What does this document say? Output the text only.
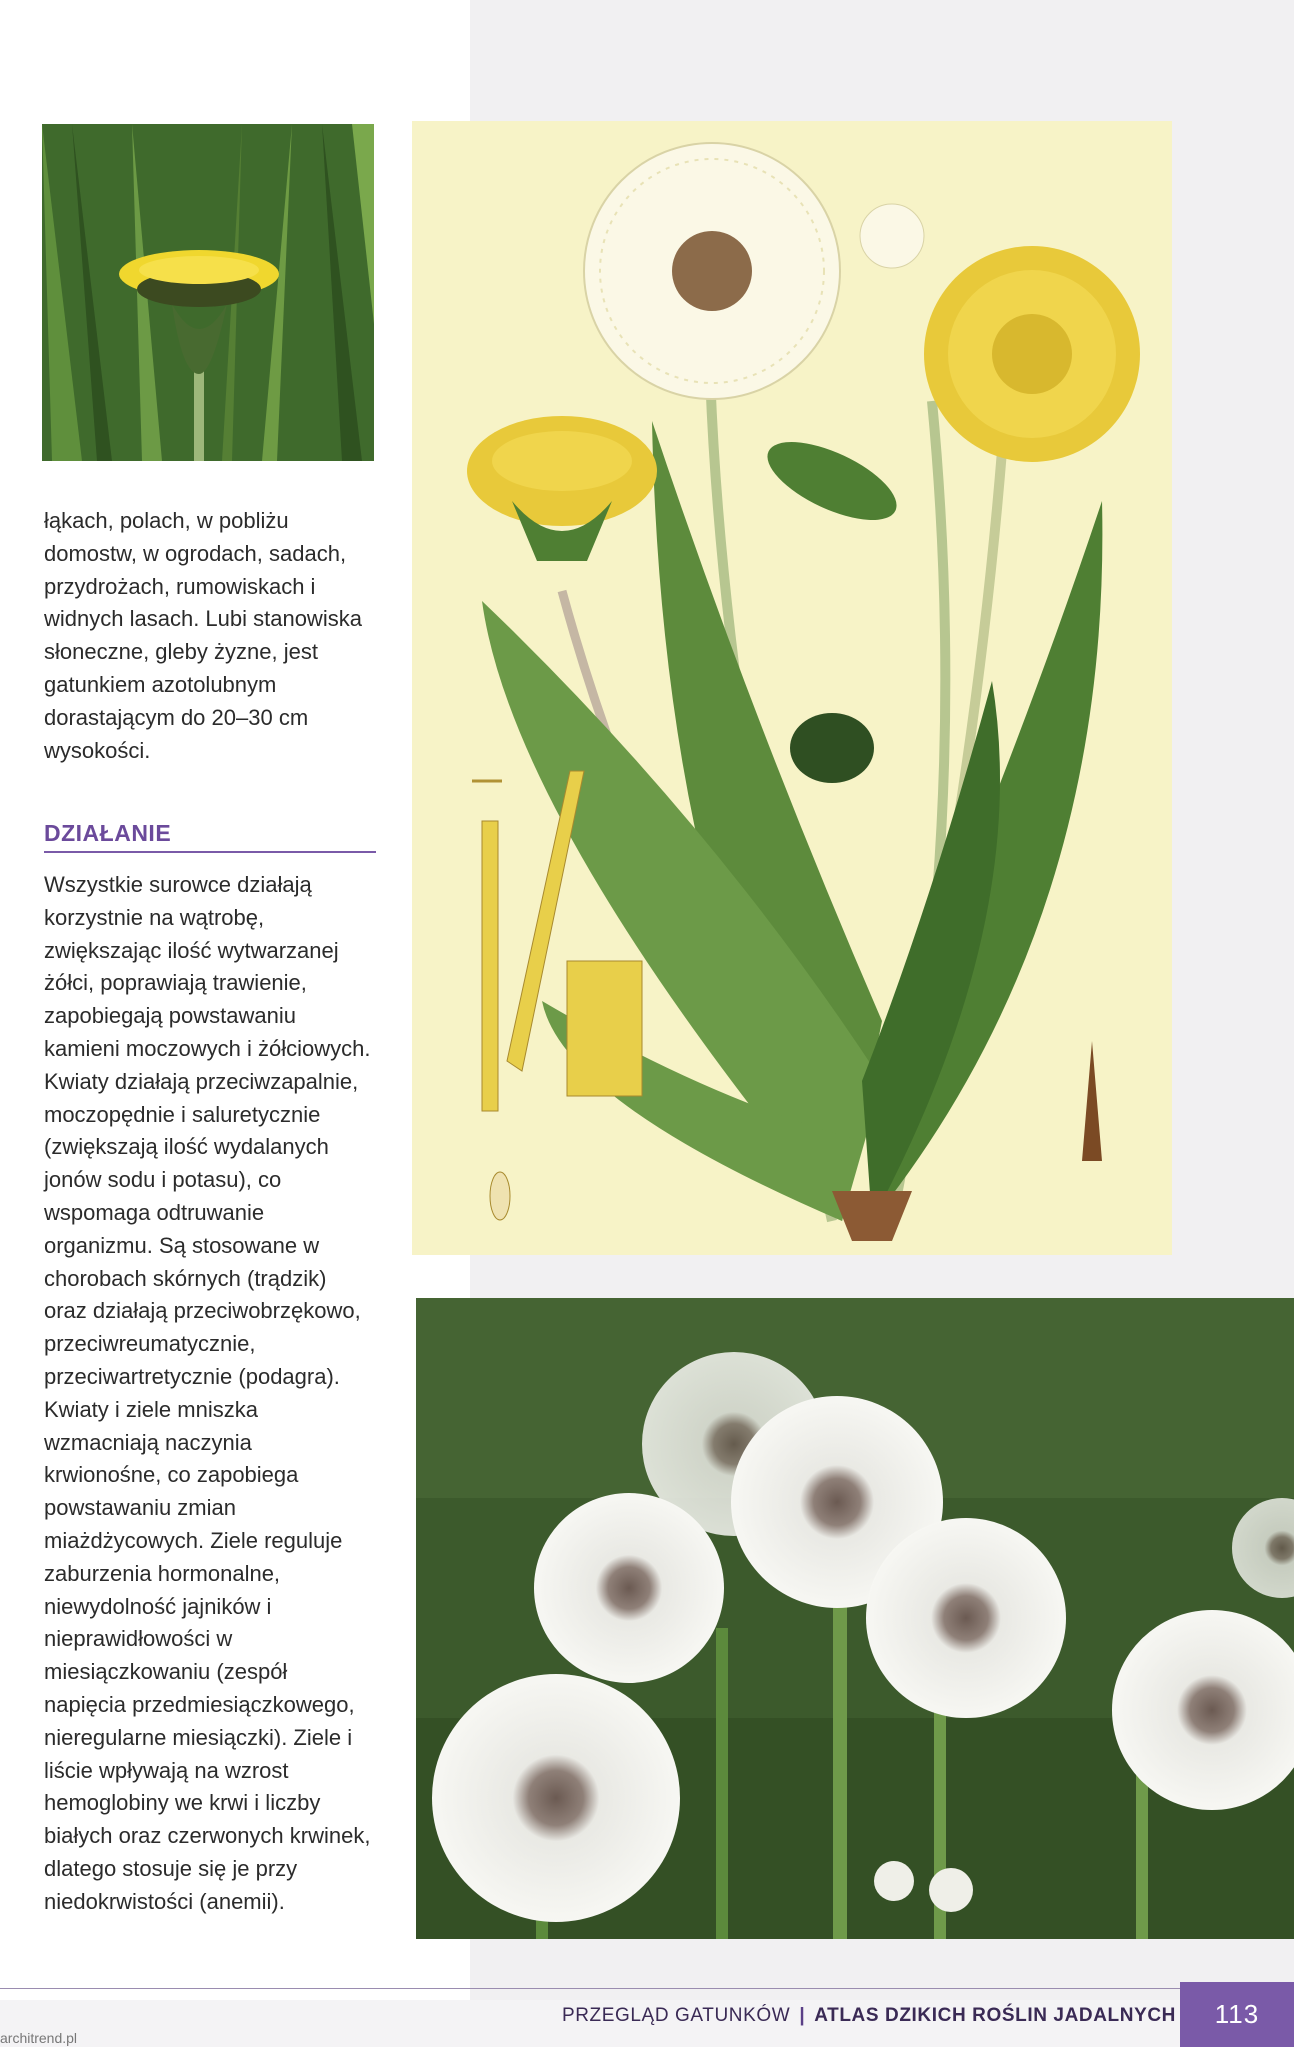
łąkach, polach, w pobliżu domostw, w ogrodach, sadach, przydrożach, rumowiskach i widnych lasach. Lubi stanowiska słoneczne, gleby żyzne, jest gatunkiem azotolubnym dorastającym do 20–30 cm wysokości.
DZIAŁANIE
Wszystkie surowce działają korzystnie na wątrobę, zwiększając ilość wytwarzanej żółci, poprawiają trawienie, zapobiegają powstawaniu kamieni moczowych i żółciowych. Kwiaty działają przeciwzapalnie, moczopędnie i saluretycznie (zwiększają ilość wydalanych jonów sodu i potasu), co wspomaga odtruwanie organizmu. Są stosowane w chorobach skórnych (trądzik) oraz działają przeciwobrzękowo, przeciwreumatycznie, przeciwartretycznie (podagra). Kwiaty i ziele mniszka wzmacniają naczynia krwionośne, co zapobiega powstawaniu zmian miażdżycowych. Ziele reguluje zaburzenia hormonalne, niewydolność jajników i nieprawidłowości w miesiączkowaniu (zespół napięcia przedmiesiączkowego, nieregularne miesiączki). Ziele i liście wpływają na wzrost hemoglobiny we krwi i liczby białych oraz czerwonych krwinek, dlatego stosuje się je przy niedokrwistości (anemii).
PRZEGLĄD GATUNKÓW | ATLAS DZIKICH ROŚLIN JADALNYCH	113
architrend.pl
